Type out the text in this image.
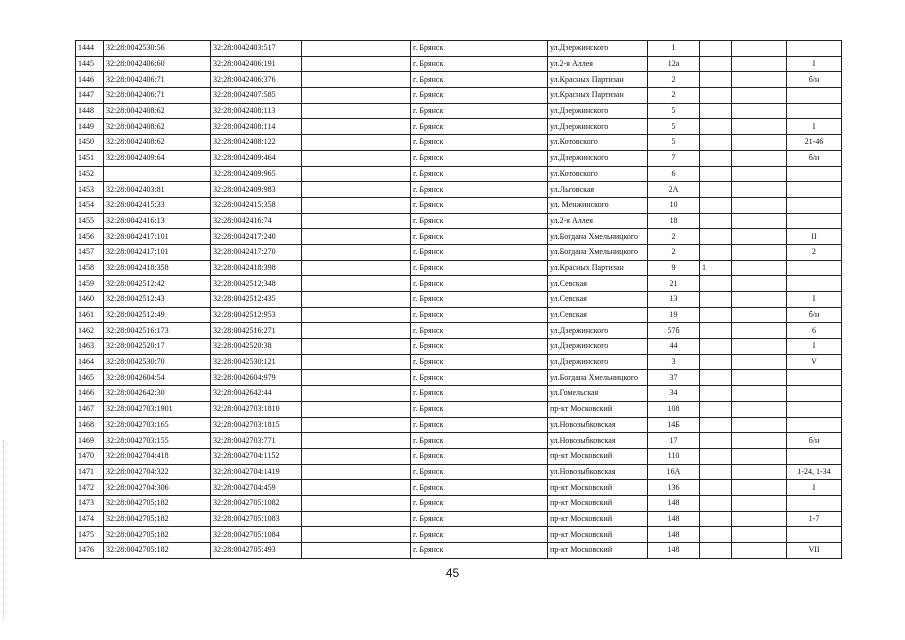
1444	32:28:0042530:56	32:28:0042403:517		г. Брянск	ул.Дзержинского	1			
1445	32:28:0042406:60	32:28:0042406:191		г. Брянск	ул.2-я Аллея	12а			I
1446	32:28:0042406:71	32:28:0042406:376		г. Брянск	ул.Красных Партизан	2			б/н
1447	32:28:0042406:71	32:28:0042407:585		г. Брянск	ул.Красных Партизан	2			
1448	32:28:0042408:62	32:28:0042408:113		г. Брянск	ул.Дзержинского	5			
1449	32:28:0042408:62	32:28:0042408:114		г. Брянск	ул.Дзержинского	5			I
1450	32:28:0042408:62	32:28:0042408:122		г. Брянск	ул.Котовского	5			21-46
1451	32:28:0042409:64	32:28:0042409:464		г. Брянск	ул.Дзержинского	7			б/н
1452		32:28:0042409:965		г. Брянск	ул.Котовского	6			
1453	32:28:0042403:81	32:28:0042409:983		г. Брянск	ул.Льговская	2А			
1454	32:28:0042415:33	32:28:0042415:358		г. Брянск	ул. Менжинского	10			
1455	32:28:0042416:13	32:28:0042416:74		г. Брянск	ул.2-я Аллея	18			
1456	32:28:0042417:101	32:28:0042417:240		г. Брянск	ул.Богдана Хмельницкого	2			II
1457	32:28:0042417:101	32:28:0042417:270		г. Брянск	ул.Богдана Хмельницкого	2			2
1458	32:28:0042418:358	32:28:0042418:398		г. Брянск	ул.Красных Партизан	9	1		
1459	32:28:0042512:42	32:28:0042512:348		г. Брянск	ул.Севская	21			
1460	32:28:0042512:43	32:28:0042512:435		г. Брянск	ул.Севская	13			I
1461	32:28:0042512:49	32:28:0042512:953		г. Брянск	ул.Севская	19			б/н
1462	32:28:0042516:173	32:28:0042516:271		г. Брянск	ул.Дзержинского	57б			6
1463	32:28:0042520:17	32:28:0042520:38		г. Брянск	ул.Дзержинского	44			I
1464	32:28:0042530:70	32:28:0042530:121		г. Брянск	ул.Дзержинского	3			V
1465	32:28:0042604:54	32:28:0042604:979		г. Брянск	ул.Богдана Хмельницкого	37			
1466	32:28:0042642:30	32:28:0042642:44		г. Брянск	ул.Гомельская	34			
1467	32:28:0042703:1901	32:28:0042703:1810		г. Брянск	пр-кт Московский	108			
1468	32:28:0042703:165	32:28:0042703:1815		г. Брянск	ул.Новозыбковская	14Б			
1469	32:28:0042703:155	32:28:0042703:771		г. Брянск	ул.Новозыбковская	17			б/н
1470	32:28:0042704:418	32:28:0042704:1152		г. Брянск	пр-кт Московский	110			
1471	32:28:0042704:322	32:28:0042704:1419		г. Брянск	ул.Новозыбковская	16А			1-24, 1-34
1472	32:28:0042704:306	32:28:0042704:459		г. Брянск	пр-кт Московский	136			I
1473	32:28:0042705:182	32:28:0042705:1082		г. Брянск	пр-кт Московский	148			
1474	32:28:0042705:182	32:28:0042705:1083		г. Брянск	пр-кт Московский	148			1-7
1475	32:28:0042705:182	32:28:0042705:1084		г. Брянск	пр-кт Московский	148			
1476	32:28:0042705:182	32:28:0042705:493		г. Брянск	пр-кт Московский	148			VII
45
